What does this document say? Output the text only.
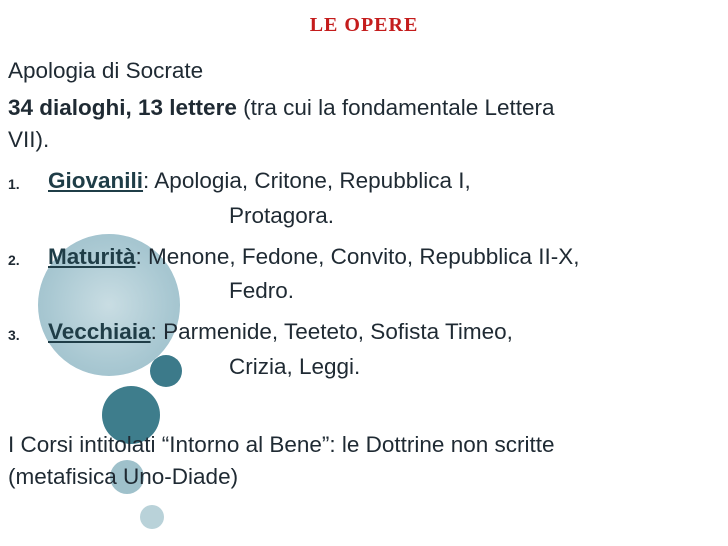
LE OPERE
Apologia di Socrate
34 dialoghi, 13 lettere (tra cui la fondamentale Lettera
VII).
1. Giovanili: Apologia, Critone, Repubblica I,
Protagora.
2. Maturità: Menone, Fedone, Convito, Repubblica II-X,
Fedro.
3. Vecchiaia: Parmenide, Teeteto, Sofista Timeo,
Crizia, Leggi.
I Corsi intitolati “Intorno al Bene”: le Dottrine non scritte
(metafisica Uno-Diade)
